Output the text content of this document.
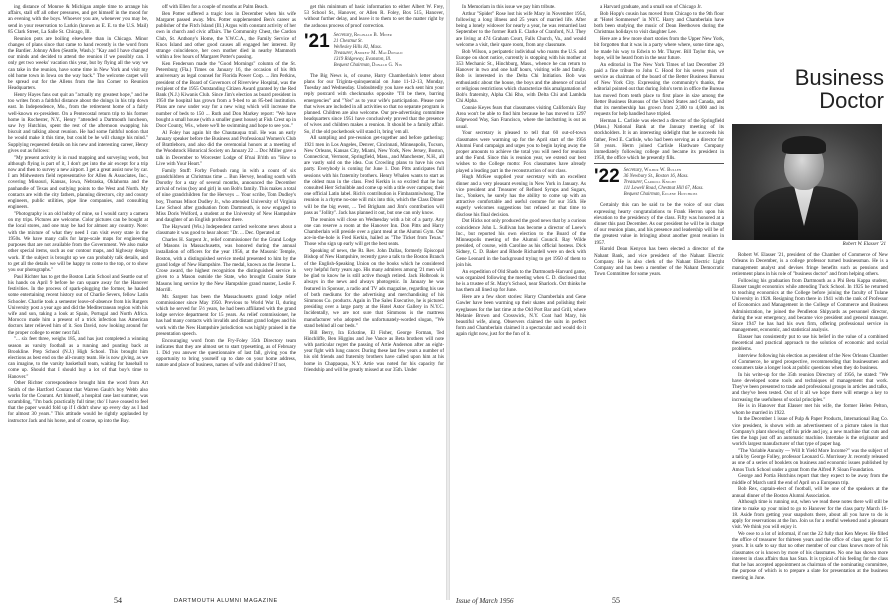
ing distance of Monroe & Michigan ample time to arrange his affairs, stall off all other pressures, and get himself in the mood for an evening with the boys. Whoever you are, whenever you may be, send in your reservation to Larkin (known as E. E. to the U.S. Mail) 85 Clark Street, La Salle St. Chicago, Ill.

Reunion pots are boiling elsewhere than in Chicago. Minor changes of plans since that came to hand recently is the word from the Bardier. Johnny Allen (Seattle, Wash.): "Kay and I have changed our minds and decided to attend the reunion if we possibly can. I only get two weeks' vacation this year, but by flying all the way we can take in the reunion, have some time in New York and visit my old home town in Iowa on the way back." The welcome carpet will be spread out for the Allens from the Inn Corner to Reunion Headquarters.

Henry Hayes fans out quit an "actually my greatest hope," and he too writes from a faithful distance about the doings in his trip down east. In Independence, Mo., from the retirement home of a fairly well-known ex-president. On a Pentecostal return trip to his former home in Rochester, N.Y., Henry "attended a Dartmouth luncheon, saw Ivy Hutchins, spent the rest of the afternoon swapping his biscuit and talking about reunion. He had some faithful notion that he would make it this time, but could be he will change his mind." Supplying requested details on his new and interesting career, Henry gives out as follows:

"My present activity is in road mapping and surveying work, but although flying is part of it, I don't get into the air except for a trip now and then to survey a new airport. I get a great assist now by car. I am Midwestern field representative for Allen & Associates, Inc., covering Missouri, Kansas, Iowa, Nebraska, Oklahoma and the panhandle of Texas and outlying points to the West and North. My contacts are with the city fathers, planning directors, city and county engineers, public utilities, pipe line companies, and consulting engineers.

"Photography is an old hobby of mine, so I would carry a camera on my trips. Pictures are welcome. Color pictures can be bought at the local stores, and one may be had for almost any country. Note: with the mixture of what they need I can visit every state in the 1950s. We have many calls for large-scale maps for engineering purposes that are not available from the Government. We also make other special items, such as our contour maps, and highway design work. If the subject is brought up we can probably talk details, and to get all the details we will be happy to come to the top, or to show you our photographs."

Paul Richter has to get the Boston Latin School and Seattle out of his hands on April 9 before he can square away for the Hanover festivities. In the process of spark-plugging the former, he hauled some entertaining recent history out of Charlie Severs, fellow Latin Schooler. Charlie took a semester leave-of-absence from his Rutgers University post a year ago and did the Mediterranean region with his wife and son, taking a look at Spain, Portugal and North Africa. Morocco made him a present of a trick infection has American doctors later relieved him of it. Son David, now looking around for the proper college to enter next fall.

"... six feet three, weighs 185, and has just completed a winning season as varsity football as a running and punting back at Brookline. Prep School (N.J.) High School. This brought him elections as best end on the all-county team. He is now giving, as we can imagine, to the varsity basketball team, waiting for baseball to come up. Should that I should buy a lot of that boy's time to Hanover."

Other Richter correspondence brought him the word from Art Smith of the Hartford Courant that Warren Gault's boy Webb also works for the Courant. Art himself, a hospital case last summer, was scrambling, "I'm back practically full time; tho' I have ceased to feel that the paper would fold up if I didn't show up every day as I had for almost 30 years." This attitude would be rightly applauded by instructor Jack and his horse, and of course, up into the Bay.

off with Ellen for a couple of months at Palm Beach.

Ben Potter suffered a tragic loss in December when his wife Margaret passed away. Mrs. Potter supplemented Ben's career as publisher of the Fitch Island (Ill.) Argus with constant activity of her own in church and civic affairs. The Community Chest, the Cardon Club, St. Anthony's Home, the Y.W.C.A., the Family Service of Knox Island and other good causes all engaged her interest. By strange coincidence, her own mother died in nearby Mammoth within a few hours of Margaret Potter's passing.

Ken Fenderson made the "Good Mornings" column of the St. Petersburg (Fla.) Times on January 16, the occasion of his 8th anniversary as legal counsel for Florida Power Corp. ... Jim Perkins, president of the Board of Governors of Riverview Hospital, was the recipient of the 1955 Outstanding Citizen Award granted by the Red Bank (N.J.) Kiwanis Club. Since Jim's election as board president in 1950 the hospital has grown from a 9-bed to an 85-bed institution. Plans are now under way for a new wing which will increase the number of beds to 150 ... Ruth and Don Markey report: "We have bought a small house (with a smaller guest house) at Fish Crest up in Door County, Wis., where we'll be swimming and hope to see you."

Al Foley has again hit the Chautauqua trail. He was an early January speaker before the Business and Professional Women's Club of Brattleboro, and also did the ceremonial honors at a meeting of the Woodstock Historical Society on January 22 ... Doc Miller gave a talk in December to Worcester Lodge of B'nai B'rith on "How to Live with Your Heart."

Family Stuff: Forby Forbush rang in with a count of six grandchildren at Christmas time ... Bun Hervey, heading south with Dorothy for a stay of several months, announced the December arrival of twins (boy and girl) in son Bob's family. This makes a total of nine grandchildren for the Herveys ... Your scribe, Tom Dudley's boy, Thomas Minot Dudley Jr., who attended University of Virginia Law School after graduation from Dartmouth, is now engaged to Miss Doris Wolford, a student at the University of New Hampshire and daughter of an English professor there.

The Hayward (Wis.) Independent carried welcome news about a classmate it was good to hear about: "Dr. ... Dec. Operated at:

Charles H. Sargent Jr., relief commissioner for the Grand Lodge of Masons in Massachusetts, was honored during the annual installation of officers for the year 1956, at the Masonic Temple, Boston, with a distinguished service medal presented to him by the grand lodge of New Hampshire. The medal, known as the Jerome L. Crose award, the highest recognition the distinguished service is given to a Mason outside the State, who brought Granite State Masons long service by the New Hampshire grand master, Leslie F. Morrill.

Mr. Sargent has been the Massachusetts grand lodge relief commissioner since May 1950. Previous to World War II, during which he served for 5½ years, he had been affiliated with the grand lodge service department for 15 years. As relief commissioner, he has had many contacts with invalids and distant grand lodges and his work with the New Hampshire jurisdiction was highly praised in the presentation speech.

Encouraging word from the Fry-Foley 35th Directory team indicates that they are almost set to start typesetting, as of February 1. Did you answer the questionnaire of last fall, giving you the opportunity to bring yourself up to date on your home address, nature and place of business, names of wife and children? If not,

get this minimum of basic information to either Albert W. Frey, 53 School St., Hanover, or Allen R. Foley, Box 515, Hanover, without further delay, and leave it to them to set the matter right by the arduous process of proof correction.

'21 Secretary, Reginald B. Miner
21 Chestnut St.
Wellesley Hills 82, Mass.
Treasurer, Andrew M. MacDonald
1319 Ridgeway, Evanston, Ill.
Bequest Chairman, Donald G. Nix

The Big News is, of course, Harry Chamberlain's letter about plans for our Triginta-quinquennial on June 11-12-13, Monday, Tuesday and Wednesday. Undoubtedly you have each sent him your reply postcard with checkmarks opposite "I'll be there, barring emergencies" and "Yes" as to your wife's participation. Please note that wives are included in all activities so that no separate program is planned. Children are also welcome. Our pre-advertising committee headquarters since 1951 have conclusively proved that the presence of wives and children makes a reunion. It should be a family affair. So, if the old pocketbook will stand it, bring 'em all.

All sampling and pre-reunion get-together and before gathering: 1921 men in Los Angeles, Denver, Cincinnati, Minneapolis, Tucson, New Orleans, Kansas City, Miami, New York, New Jersey, Boston, Connecticut, Vermont, Springfield, Mass., and Manchester, N.H., all are vastly sold on the idea. Cus Crowling plans to have his own party. Everybody is coming for June 1. Don Pitts anticipates full sessions with his fraternity brothers. Henry Whalen wants to start as the oldest man in the class. Fred Kerkin is so excited that he has consulted Herr Schnibble and come up with a title over campus; their one official Latin label. Rich's contribution is Fimbaramiwhong. The reunion is a rhyme no-one will mix into this, which the Class Dinner will be the big event, ... Ted Brigham and Jim's contribution will pass as "Jollity". Jack has planned it out, but one can only know.

The reunion will close on Wednesday with a bit of a party. Any one can reserve a room at the Hanover Inn. Don Pitts and Harry Chamberlain will preside over a giant meal at the Alumni Gym. Our ace-in-the-hole is Fred Kerkin, hailed as "The Ticket from Texas." Those who sign up early will get the best seats.

Speaking of news, the Rt. Rev. John Dallas, formerly Episcopal Bishop of New Hampshire, recently gave a talk to the Boston Branch of the English-Speaking Union on the books which he considered very helpful forty years ago. His many admirers among '21 men will be glad to know he is still active though retired. Jack Holbrook is always in the news and always photogenic. In January he was featured in Sponsor, a radio and TV ads magazine, regarding his use of both mediums for the advertising and merchandising of his Simmons Co. products. Again in The Sales Executive, he is pictured presiding over a large party at the Hotel Astor Gallery in N.Y.C. Incidentally, we are not sure that Simmons is the mattress manufacturer who adopted the unfortunately-worded slogan, "We stand behind all our beds."

Bill Berry, Ira Eckstine, El Fisher, George Forman, Ted Hinchliffe, Ben Higgins and Joe Vance as Beta brothers will note with particular regret the passing of Artie Anderson after an eight-year fight with lung cancer. During these last few years a number of his old friends and fraternity brothers have called upon him at his home in Chappaqua, N.Y. Artie was noted for his capacity for friendship and will be greatly missed at our 35th. Under

54	DARTMOUTH ALUMNI MAGAZINE

In Memoriam in this issue we pay him tribute.

Arthur "Spider" Rose lost his wife Mary in November 1954, following a long illness and 25 years of married life. After being a lonely widower for nearly a year, he was remarried last September to the former Ruth E. Clarke of Cranford, N.J. They are living at 474 Graham Court, Falls Church, Va., and would welcome a visit, their spare room, from any classmate.

Bob Wilson, a peripatetic individual who roams the U.S. and Europe on short notice, currently is stopping with his mother at 353 Mechanic St., Hinchburg, Mass., whence he can return to Hanover in two and one half hours, visiting wife and family. Bob is interested in the Delta Chi Initiation. Bob was enthusiastic about the house, the boys and the absence of racial or religious restrictions which characterize this amalgamation of Bob's fraternity, Alpha Chi Rho, with Delta Chi and Lambda Chi Alpha.

Connie Keyes fears that classmates visiting California's Bay Area won't be able to find him because he has moved to 1297 Edgewood Way, San Francisco, where the latchstring is out as usual.

Your secretary is pleased to tell that 60 out-of-town classmates were warming up for the April start of the 1956 Alumni Fund campaign and urges you to begin laying away the proper amounts to achieve the total you will need for reunion and the Fund. Since this is reunion year, we extend our best wishes to the College motto: Fox classmates have already played a leading part in the reconstruction of our class.

Hugh McKee supplied your secretary with an excellent dinner and a very pleasant evening in New York in January. As vice president and Treasurer of Refined Syrups and Sugars, Inc., Yonkers, he surely has the ability to come up with an attractive comfortable and useful costume for our 35th. He eagerly welcomes suggestions but refused at that time to disclose his final decision.

Dot Hicks not only produced the good news that by a curious coincidence John L. Sullivan has become a director of Loew's Inc., but reported his own election to the Board of the Minneapolis meeting of the Alumni Council. Ray Wilde presided, of course, with Caroline as his official hostess. Dick Sidney, C. D. Baker and Rhode Richardell were on deck with Gene Leonard in the background trying to get 1950 of them to join his.

An expedition of Old Shads to the Dartmouth-Harvard game, was organized following the meeting when C. D. disclosed that he is a trustee of St. Mary's School, near Sharlock. Oct thinks he has them all lined up for June.

Here are a few short stories: Harry Chamberlain and Gene Gawler have been warming up their skates and polishing their eyeglasses for the last time at the Old Port Bar and Grill, where Melanie Brown and Crosswick, N.Y. Coat had Mary, his beautiful wife, along. Observers claimed the suits in perfect form and Chamberlain claimed it a spectacular and would do it again right now, just for the fun of it.

a Harvard graduate, and a small son of Chicago Jr.

Bob Hopp's cousin has moved from Chicago to the 9th floor at "Hotel Sommerset" in NYC. Harry and Chamberlain have both been studying the music of Dean Beethoven during the Christmas holidays to visit daughter Lee.

Here are a few more short stories from the Upper New York, bit forgotten that it was in a party where where, some time ago, he made his way to Edwin to Mr. Thayer. Bill Taylor this, we hope, will be heard from in the near future.

An editorial in The New York Times of last December 29 paid a fine tribute to John C. Hood for his seven years of service as chairman of the board of the Better Business Bureau of New York City. Expressing the community's thanks, the editorial pointed out that during John's term in office the Bureau has moved from tenth place to first place in size among the Better Business Bureaus of the United States and Canada, and that its membership has grown from 2,300 to 4,000 and its requests for help handled have tripled.

Herman L. Carlisle was elected a director of the Springfield (Mass.) National Bank at the January meeting of its stockholders. It is an interesting sidelight that he succeeds his father, Fred E. Carlisle, who had been serving as a director for 58 years. Herm joined Carlisle Hardware Company immediately following college and became its president in 1958, the office which he presently fills.

'22 Secretary, Wilbur W. Bullen
36 Newbury St., Boston 16, Mass.
Treasurer, Carroll Knight
111 Lowell Road, Chestnut Hill 67, Mass.
Bequest Chairman, Eugene Hotchkiss

Certainly this can be said to be the voice of our class expressing hearty congratulations to Frank Herron upon his elevation to the presidency of the class. Fifty was honored at a dinner this past December. As our president he will be in charge of our reunion plans, and his presence and leadership will be of the greatest value in bringing about another great reunion in 1957.

Harold Dean Kenyon has been elected a director of the Nahant Bank, and vice president of the Nahant Electric Company. He is also clerk of the Nahant Electric Light Company and has been a member of the Nahant Democratic Town Committee for some years.

Business
Doctor
Robert W. Elasser '21

Robert W. Elasser '21, president of the Chamber of Commerce of New Orleans in December, is a college professor turned businessman. He is a management analyst and devises fringe benefits such as pensions and retirement plans in his role of "business doctor" and from helping others.

Following his graduation from Dartmouth as a Phi Beta Kappa student, Elasser taught economics while attending Tuck School. In 1925 he returned to teaching economics at the College before joining the faculty of Tulane University in 1928. Resigning from there in 1941 with the rank of Professor of Economics and Management in the College of Commerce and Business Administration, he joined the Pendleton Shipyards as personnel director, during the war emergency, and became vice president and general manager. Since 1947 he has had his own firm, offering professional service in management, economic, and statistical analysis.

Elasser has consistently put to use his belief in the value of a combined theoretical and practical approach to the solution of economic and social problems.

interview following his election as president of the New Orleans Chamber of Commerce, he urged prospective, recommending that businessmen and consumers take a longer look at public questions when they do business.

In his write-up for the 35th reunion Directory of 1956, he stated: "We have developed some tools and techniques of management that work. They've been presented to trade and professional groups in articles and talks, and they've been tested. Out of it all we hope there will emerge a key to increasing the usefulness of social principles."

He is in Hanover that Elasser met his wife, the former Helen Pelton, whom he married in 1922.

In the December 1 issue of Pulp & Paper Products, International Bag Co. vice president, is shown with an advertisement of a picture taken in that Company's plant showing off his pride and joy, a new machine that cuts and ties the bags just off an automatic machine. Intertake is the originator and world's largest manufacturer of that type of paper bag.

"The Variable Annuity — Will It Yield More Income?" was the subject of a talk by George Folley, professor Leonard G. Morrissey Jr. recently released as one of a series of booklets on business and economic issues published by Amos Tuck School under a grant from the Alfred P. Sloan Foundation.

George and Portia Hutchins report that they expect to be away from the middle of March until the end of April on a European trip.

Bob Rex, captain-elect of football, will be one of the speakers at the annual dinner of the Boston Alumni Association.

Although time is running out, when we read these notes there will still be time to make up your mind to go to Hanover for the class party March 16-18. Aside from getting your snapshots there, about all you have to do is apply for reservations at the Inn. Join us for a restful weekend and a pleasant visit. We think you will enjoy it.

We owe to a lot of informal, if not the 22 fully that Ken Meyer. He filled the office of treasurer for thirteen years and the office of class agent for 15 years. It is safe to say that no other member of our class knows more of his classmates or is known by more of his classmates. No one has shown more interest in class affairs than has Stan. It is typical of his feeling for the class that he has accepted appointment as chairman of the nominating committee, the purpose of which is to prepare a slate for presentation at the business meeting in June.

Issue of March 1956	55
